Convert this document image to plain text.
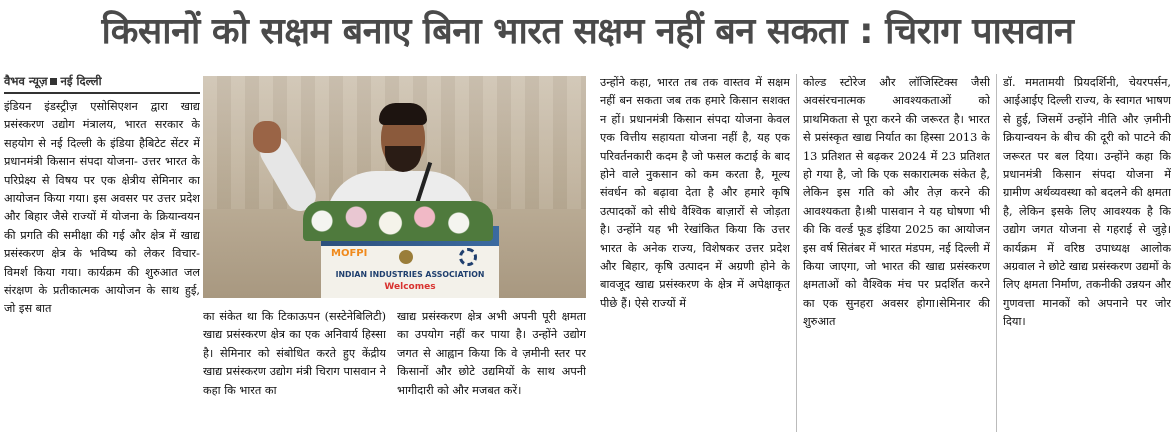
किसानों को सक्षम बनाए बिना भारत सक्षम नहीं बन सकता : चिराग पासवान
वैभव न्यूज़ नई दिल्ली

इंडियन इंडस्ट्रीज़ एसोसिएशन द्वारा खाद्य प्रसंस्करण उद्योग मंत्रालय, भारत सरकार के सहयोग से नई दिल्ली के इंडिया हैबिटेट सेंटर में प्रधानमंत्री किसान संपदा योजना- उत्तर भारत के परिप्रेक्ष्य से विषय पर एक क्षेत्रीय सेमिनार का आयोजन किया गया। इस अवसर पर उत्तर प्रदेश और बिहार जैसे राज्यों में योजना के क्रियान्वयन की प्रगति की समीक्षा की गई और क्षेत्र में खाद्य प्रसंस्करण क्षेत्र के भविष्य को लेकर विचार-विमर्श किया गया। कार्यक्रम की शुरुआत जल संरक्षण के प्रतीकात्मक आयोजन के साथ हुई, जो इस बात

MOFPI
INDIAN INDUSTRIES ASSOCIATION
Welcomes

का संकेत था कि टिकाऊपन (सस्टेनेबिलिटी) खाद्य प्रसंस्करण क्षेत्र का एक अनिवार्य हिस्सा है। सेमिनार को संबोधित करते हुए केंद्रीय खाद्य प्रसंस्करण उद्योग मंत्री चिराग पासवान ने कहा कि भारत का

खाद्य प्रसंस्करण क्षेत्र अभी अपनी पूरी क्षमता का उपयोग नहीं कर पाया है। उन्होंने उद्योग जगत से आह्वान किया कि वे ज़मीनी स्तर पर किसानों और छोटे उद्यमियों के साथ अपनी भागीदारी को और मजबत करें।

उन्होंने कहा, भारत तब तक वास्तव में सक्षम नहीं बन सकता जब तक हमारे किसान सशक्त न हों। प्रधानमंत्री किसान संपदा योजना केवल एक वित्तीय सहायता योजना नहीं है, यह एक परिवर्तनकारी कदम है जो फसल कटाई के बाद होने वाले नुकसान को कम करता है, मूल्य संवर्धन को बढ़ावा देता है और हमारे कृषि उत्पादकों को सीधे वैश्विक बाज़ारों से जोड़ता है। उन्होंने यह भी रेखांकित किया कि उत्तर भारत के अनेक राज्य, विशेषकर उत्तर प्रदेश और बिहार, कृषि उत्पादन में अग्रणी होने के बावजूद खाद्य प्रसंस्करण के क्षेत्र में अपेक्षाकृत पीछे हैं। ऐसे राज्यों में

कोल्ड स्टोरेज और लॉजिस्टिक्स जैसी अवसंरचनात्मक आवश्यकताओं को प्राथमिकता से पूरा करने की जरूरत है। भारत से प्रसंस्कृत खाद्य निर्यात का हिस्सा 2013 के 13 प्रतिशत से बढ़कर 2024 में 23 प्रतिशत हो गया है, जो कि एक सकारात्मक संकेत है, लेकिन इस गति को और तेज़ करने की आवश्यकता है।श्री पासवान ने यह घोषणा भी की कि वर्ल्ड फूड इंडिया 2025 का आयोजन इस वर्ष सितंबर में भारत मंडपम, नई दिल्ली में किया जाएगा, जो भारत की खाद्य प्रसंस्करण क्षमताओं को वैश्विक मंच पर प्रदर्शित करने का एक सुनहरा अवसर होगा।सेमिनार की शुरुआत

डॉ. ममतामयी प्रियदर्शिनी, चेयरपर्सन, आईआईए दिल्ली राज्य, के स्वागत भाषण से हुई, जिसमें उन्होंने नीति और ज़मीनी क्रियान्वयन के बीच की दूरी को पाटने की जरूरत पर बल दिया। उन्होंने कहा कि प्रधानमंत्री किसान संपदा योजना में ग्रामीण अर्थव्यवस्था को बदलने की क्षमता है, लेकिन इसके लिए आवश्यक है कि उद्योग जगत योजना से गहराई से जुड़े। कार्यक्रम में वरिष्ठ उपाध्यक्ष आलोक अग्रवाल ने छोटे खाद्य प्रसंस्करण उद्यमों के लिए क्षमता निर्माण, तकनीकी उन्नयन और गुणवत्ता मानकों को अपनाने पर जोर दिया।
